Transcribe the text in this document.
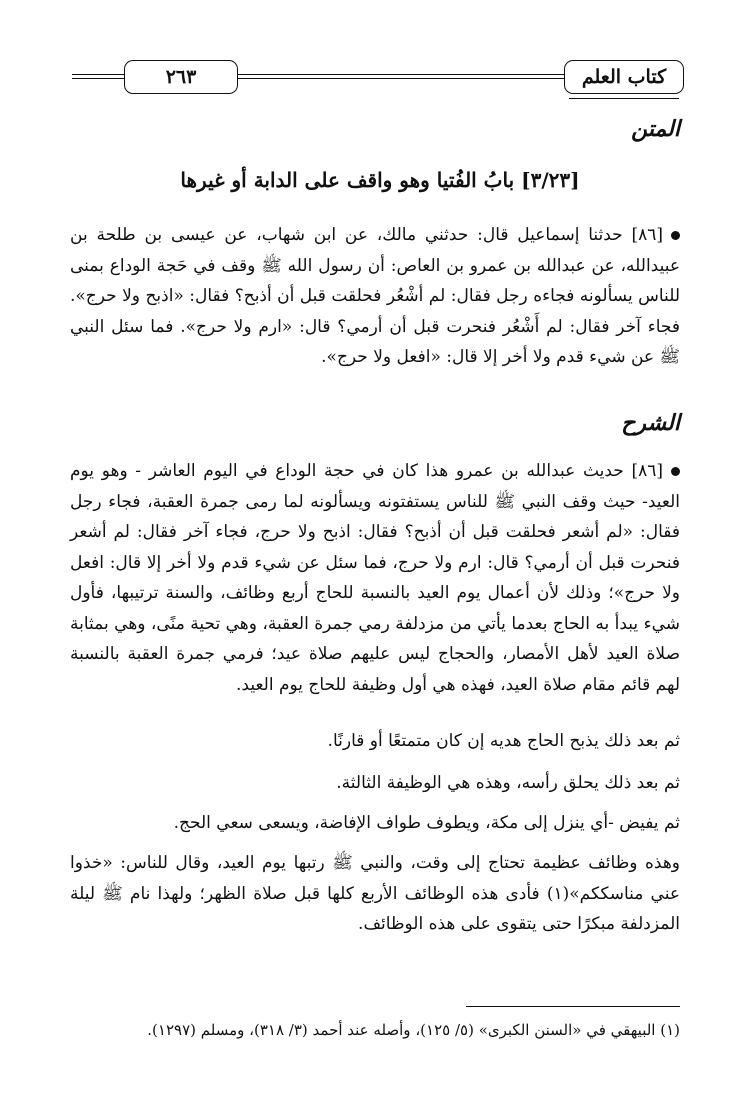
٢٦٣	كتاب العلم
المتن
[٣/٢٣] بابُ الفُتيا وهو واقف على الدابة أو غيرها
[٨٦] حدثنا إسماعيل قال: حدثني مالك، عن ابن شهاب، عن عيسى بن طلحة بن عبيدالله، عن عبدالله بن عمرو بن العاص: أن رسول الله ﷺ وقف في حَجة الوداع بمنى للناس يسألونه فجاءه رجل فقال: لم أشْعُر فحلقت قبل أن أذبح؟ فقال: «اذبح ولا حرج». فجاء آخر فقال: لم أَشْعُر فنحرت قبل أن أرمي؟ قال: «ارم ولا حرج». فما سئل النبي ﷺ عن شيء قدم ولا أخر إلا قال: «افعل ولا حرج».
الشرح
[٨٦] حديث عبدالله بن عمرو هذا كان في حجة الوداع في اليوم العاشر - وهو يوم العيد- حيث وقف النبي ﷺ للناس يستفتونه ويسألونه لما رمى جمرة العقبة، فجاء رجل فقال: «لم أشعر فحلقت قبل أن أذبح؟ فقال: اذبح ولا حرج، فجاء آخر فقال: لم أشعر فنحرت قبل أن أرمي؟ قال: ارم ولا حرج، فما سئل عن شيء قدم ولا أخر إلا قال: افعل ولا حرج»؛ وذلك لأن أعمال يوم العيد بالنسبة للحاج أربع وظائف، والسنة ترتيبها، فأول شيء يبدأ به الحاج بعدما يأتي من مزدلفة رمي جمرة العقبة، وهي تحية منًى، وهي بمثابة صلاة العيد لأهل الأمصار، والحجاج ليس عليهم صلاة عيد؛ فرمي جمرة العقبة بالنسبة لهم قائم مقام صلاة العيد، فهذه هي أول وظيفة للحاج يوم العيد.
ثم بعد ذلك يذبح الحاج هديه إن كان متمتعًا أو قارنًا.
ثم بعد ذلك يحلق رأسه، وهذه هي الوظيفة الثالثة.
ثم يفيض -أي ينزل إلى مكة، ويطوف طواف الإفاضة، ويسعى سعي الحج.
وهذه وظائف عظيمة تحتاج إلى وقت، والنبي ﷺ رتبها يوم العيد، وقال للناس: «خذوا عني مناسككم»(١) فأدى هذه الوظائف الأربع كلها قبل صلاة الظهر؛ ولهذا نام ﷺ ليلة المزدلفة مبكرًا حتى يتقوى على هذه الوظائف.
(١) البيهقي في «السنن الكبرى» (٥/ ١٢٥)، وأصله عند أحمد (٣/ ٣١٨)، ومسلم (١٢٩٧).
